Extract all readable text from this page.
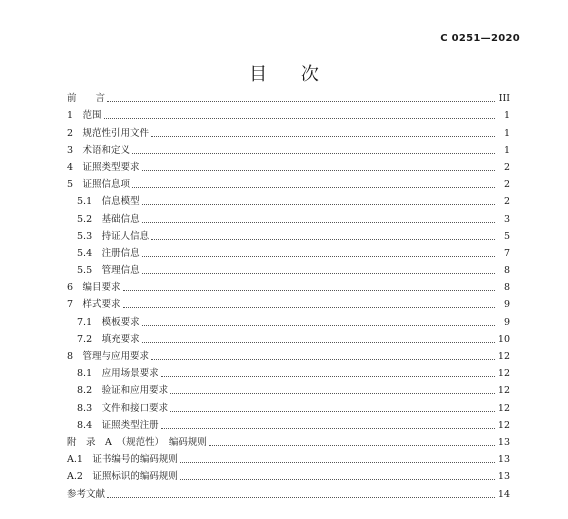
C 0251—2020
目 次
前　　言	III
1　范围	1
2　规范性引用文件	1
3　术语和定义	1
4　证照类型要求	2
5　证照信息项	2
5.1　信息模型	2
5.2　基础信息	3
5.3　持证人信息	5
5.4　注册信息	7
5.5　管理信息	8
6　编目要求	8
7　样式要求	9
7.1　模板要求	9
7.2　填充要求	10
8　管理与应用要求	12
8.1　应用场景要求	12
8.2　验证和应用要求	12
8.3　文件和接口要求	12
8.4　证照类型注册	12
附　录　A　（规范性）　编码规则	13
A.1　证书编号的编码规则	13
A.2　证照标识的编码规则	13
参考文献	14
